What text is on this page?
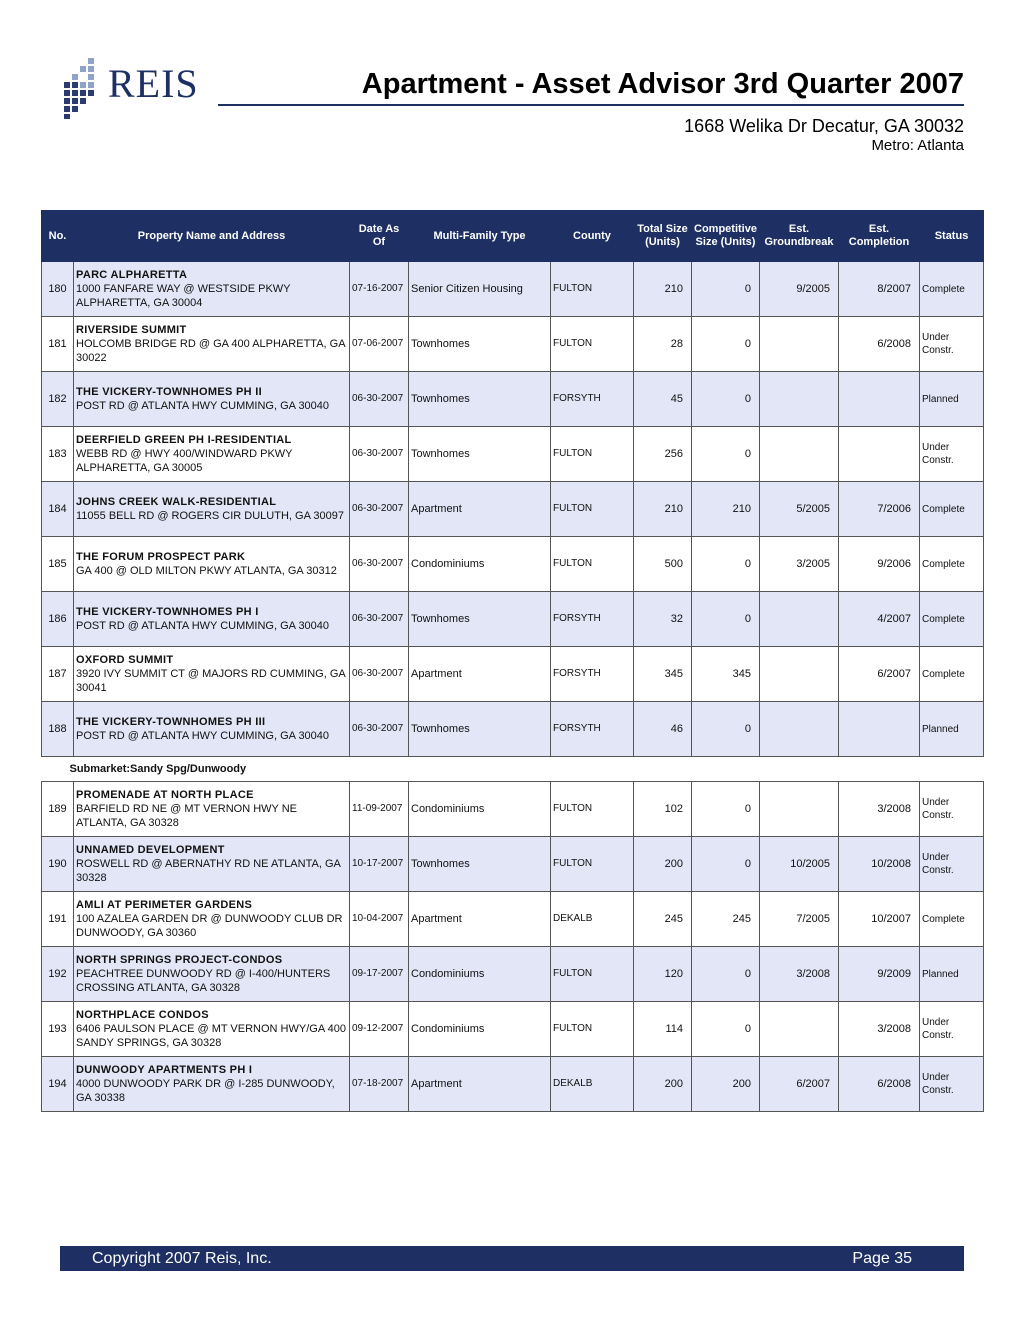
REIS	Apartment - Asset Advisor 3rd Quarter 2007
1668 Welika Dr Decatur, GA 30032
Metro: Atlanta
No.	Property Name and Address	Date As Of	Multi-Family Type	County	Total Size (Units)	Competitive Size (Units)	Est. Groundbreak	Est. Completion	Status
180	PARC ALPHARETTA
1000 FANFARE WAY @ WESTSIDE PKWY ALPHARETTA, GA 30004	07-16-2007	Senior Citizen Housing	FULTON	210	0	9/2005	8/2007	Complete
181	RIVERSIDE SUMMIT
HOLCOMB BRIDGE RD @ GA 400 ALPHARETTA, GA 30022	07-06-2007	Townhomes	FULTON	28	0		6/2008	Under Constr.
182	THE VICKERY-TOWNHOMES PH II
POST RD @ ATLANTA HWY CUMMING, GA 30040	06-30-2007	Townhomes	FORSYTH	45	0			Planned
183	DEERFIELD GREEN PH I-RESIDENTIAL
WEBB RD @ HWY 400/WINDWARD PKWY ALPHARETTA, GA 30005	06-30-2007	Townhomes	FULTON	256	0			Under Constr.
184	JOHNS CREEK WALK-RESIDENTIAL
11055 BELL RD @ ROGERS CIR DULUTH, GA 30097	06-30-2007	Apartment	FULTON	210	210	5/2005	7/2006	Complete
185	THE FORUM PROSPECT PARK
GA 400 @ OLD MILTON PKWY ATLANTA, GA 30312	06-30-2007	Condominiums	FULTON	500	0	3/2005	9/2006	Complete
186	THE VICKERY-TOWNHOMES PH I
POST RD @ ATLANTA HWY CUMMING, GA 30040	06-30-2007	Townhomes	FORSYTH	32	0		4/2007	Complete
187	OXFORD SUMMIT
3920 IVY SUMMIT CT @ MAJORS RD CUMMING, GA 30041	06-30-2007	Apartment	FORSYTH	345	345		6/2007	Complete
188	THE VICKERY-TOWNHOMES PH III
POST RD @ ATLANTA HWY CUMMING, GA 30040	06-30-2007	Townhomes	FORSYTH	46	0			Planned
Submarket:Sandy Spg/Dunwoody									
189	PROMENADE AT NORTH PLACE
BARFIELD RD NE @ MT VERNON HWY NE ATLANTA, GA 30328	11-09-2007	Condominiums	FULTON	102	0		3/2008	Under Constr.
190	UNNAMED DEVELOPMENT
ROSWELL RD @ ABERNATHY RD NE ATLANTA, GA 30328	10-17-2007	Townhomes	FULTON	200	0	10/2005	10/2008	Under Constr.
191	AMLI AT PERIMETER GARDENS
100 AZALEA GARDEN DR @ DUNWOODY CLUB DR DUNWOODY, GA 30360	10-04-2007	Apartment	DEKALB	245	245	7/2005	10/2007	Complete
192	NORTH SPRINGS PROJECT-CONDOS
PEACHTREE DUNWOODY RD @ I-400/HUNTERS CROSSING ATLANTA, GA 30328	09-17-2007	Condominiums	FULTON	120	0	3/2008	9/2009	Planned
193	NORTHPLACE CONDOS
6406 PAULSON PLACE @ MT VERNON HWY/GA 400 SANDY SPRINGS, GA 30328	09-12-2007	Condominiums	FULTON	114	0		3/2008	Under Constr.
194	DUNWOODY APARTMENTS PH I
4000 DUNWOODY PARK DR @ I-285 DUNWOODY, GA 30338	07-18-2007	Apartment	DEKALB	200	200	6/2007	6/2008	Under Constr.
Copyright 2007 Reis, Inc.	Page 35
